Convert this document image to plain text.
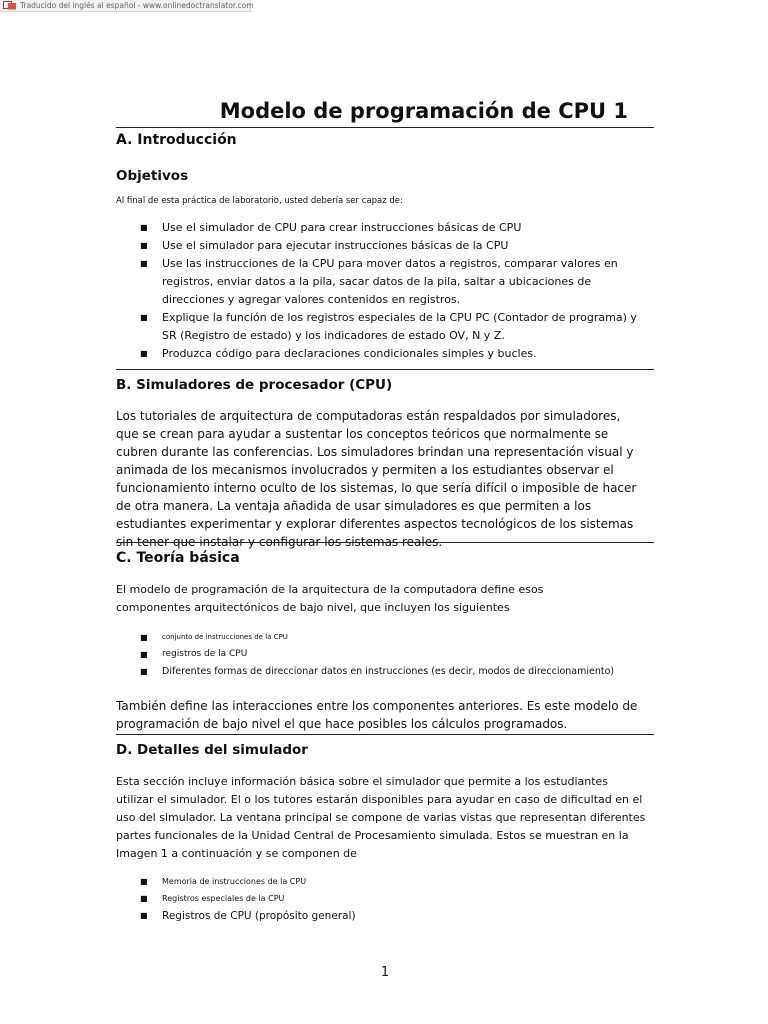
Traducido del inglés al español - www.onlinedoctranslator.com
Modelo de programación de CPU 1
A. Introducción
Objetivos
Al final de esta práctica de laboratorio, usted debería ser capaz de:
■ Use el simulador de CPU para crear instrucciones básicas de CPU
■ Use el simulador para ejecutar instrucciones básicas de la CPU
■ Use las instrucciones de la CPU para mover datos a registros, comparar valores en registros, enviar datos a la pila, sacar datos de la pila, saltar a ubicaciones de direcciones y agregar valores contenidos en registros.
■ Explique la función de los registros especiales de la CPU PC (Contador de programa) y SR (Registro de estado) y los indicadores de estado OV, N y Z.
■ Produzca código para declaraciones condicionales simples y bucles.
B. Simuladores de procesador (CPU)
Los tutoriales de arquitectura de computadoras están respaldados por simuladores, que se crean para ayudar a sustentar los conceptos teóricos que normalmente se cubren durante las conferencias. Los simuladores brindan una representación visual y animada de los mecanismos involucrados y permiten a los estudiantes observar el funcionamiento interno oculto de los sistemas, lo que sería difícil o imposible de hacer de otra manera. La ventaja añadida de usar simuladores es que permiten a los estudiantes experimentar y explorar diferentes aspectos tecnológicos de los sistemas sin tener que instalar y configurar los sistemas reales.
C. Teoría básica
El modelo de programación de la arquitectura de la computadora define esos
componentes arquitectónicos de bajo nivel, que incluyen los siguientes
■ conjunto de instrucciones de la CPU
■ registros de la CPU
■ Diferentes formas de direccionar datos en instrucciones (es decir, modos de direccionamiento)
También define las interacciones entre los componentes anteriores. Es este modelo de programación de bajo nivel el que hace posibles los cálculos programados.
D. Detalles del simulador
Esta sección incluye información básica sobre el simulador que permite a los estudiantes utilizar el simulador. El o los tutores estarán disponibles para ayudar en caso de dificultad en el uso del simulador. La ventana principal se compone de varias vistas que representan diferentes partes funcionales de la Unidad Central de Procesamiento simulada. Estos se muestran en la Imagen 1 a continuación y se componen de
■ Memoria de instrucciones de la CPU
■ Registros especiales de la CPU
■ Registros de CPU (propósito general)
1
